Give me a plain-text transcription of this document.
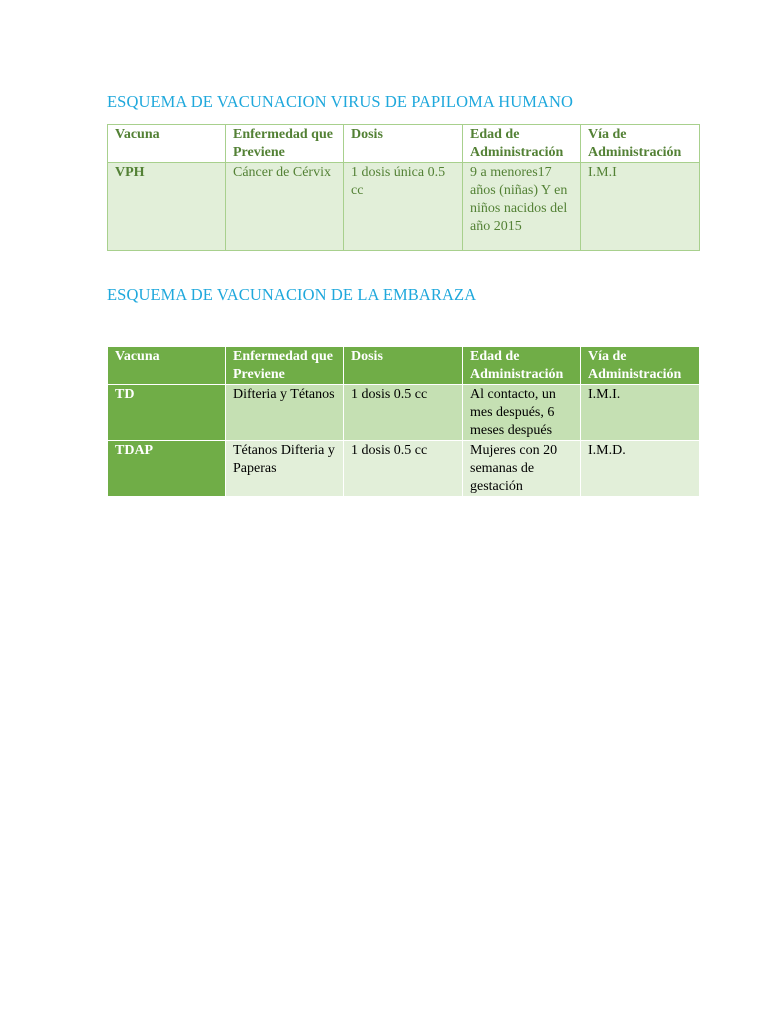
ESQUEMA DE VACUNACION VIRUS DE PAPILOMA HUMANO
Vacuna	Enfermedad que Previene	Dosis	Edad de Administración	Vía de Administración
VPH	Cáncer de Cérvix	1 dosis única 0.5 cc	9 a menores17 años (niñas) Y en niños nacidos del año 2015	I.M.I
ESQUEMA DE VACUNACION DE LA EMBARAZA
Vacuna	Enfermedad que Previene	Dosis	Edad de Administración	Vía de Administración
TD	Difteria y Tétanos	1 dosis 0.5 cc	Al contacto, un mes después, 6 meses después	I.M.I.
TDAP	Tétanos Difteria y Paperas	1 dosis 0.5 cc	Mujeres con 20 semanas de gestación	I.M.D.
